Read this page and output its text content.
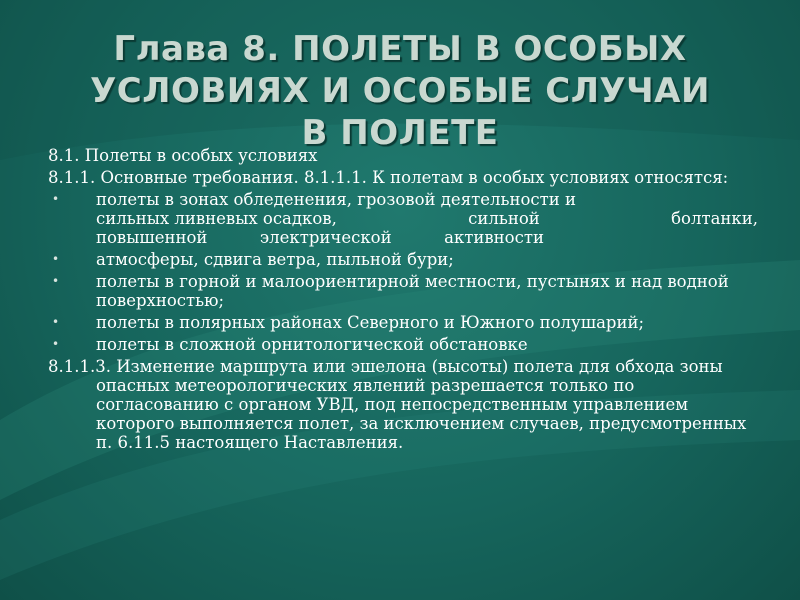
Глава 8. ПОЛЕТЫ В ОСОБЫХ
УСЛОВИЯХ И ОСОБЫЕ СЛУЧАИ
В ПОЛЕТЕ

8.1. Полеты в особых условиях

8.1.1. Основные требования. 8.1.1.1. К полетам в особых условиях относятся:

• полеты в зонах обледенения, грозовой деятельности и
сильных ливневых осадков,	сильной	болтанки,
повышенной	электрической	активности
• атмосферы, сдвига ветра, пыльной бури;
• полеты в горной и малоориентирной местности, пустынях и над водной поверхностью;
• полеты в полярных районах Северного и Южного полушарий;
• полеты в сложной орнитологической обстановке

8.1.1.3. Изменение маршрута или эшелона (высоты) полета для обхода зоны опасных метеорологических явлений разрешается только по согласованию с органом УВД, под непосредственным управлением которого выполняется полет, за исключением случаев, предусмотренных п. 6.11.5 настоящего Наставления.
